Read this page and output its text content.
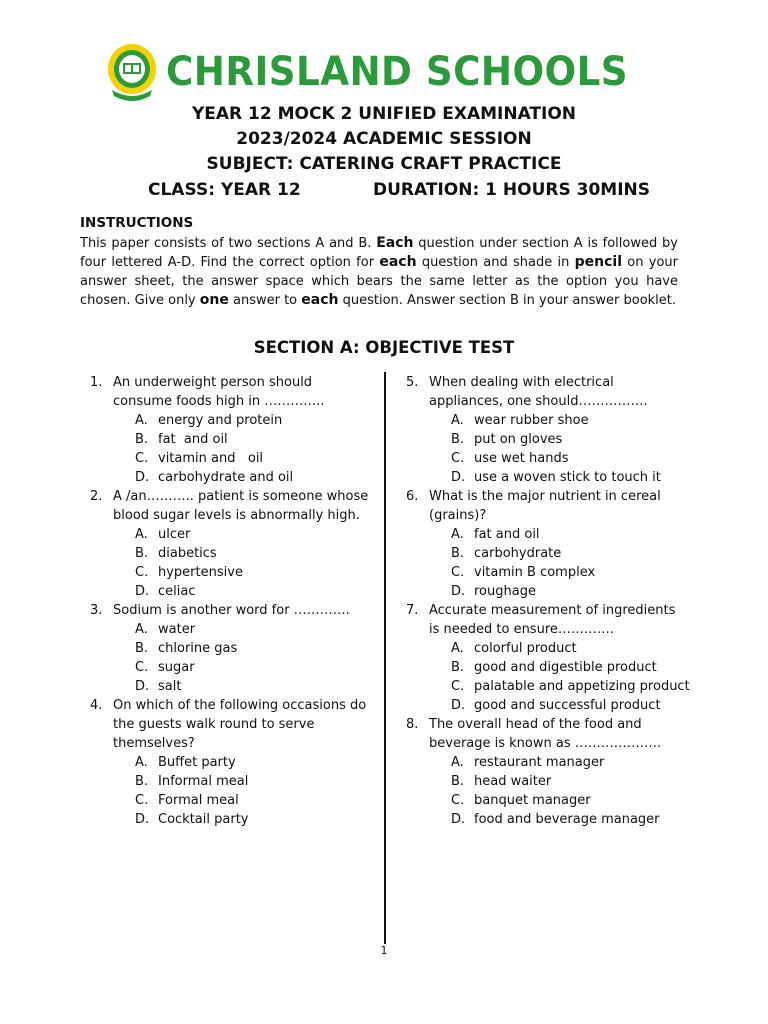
CHRISLAND SCHOOLS
YEAR 12 MOCK 2 UNIFIED EXAMINATION
2023/2024 ACADEMIC SESSION
SUBJECT: CATERING CRAFT PRACTICE
CLASS: YEAR 12	DURATION: 1 HOURS 30MINS
INSTRUCTIONS
This paper consists of two sections A and B. Each question under section A is followed by four lettered A-D. Find the correct option for each question and shade in pencil on your answer sheet, the answer space which bears the same letter as the option you have chosen. Give only one answer to each question. Answer section B in your answer booklet.
SECTION A: OBJECTIVE TEST
1. An underweight person should consume foods high in …………..
A. energy and protein
B. fat  and oil
C. vitamin and   oil
D. carbohydrate and oil
2. A /an……….. patient is someone whose blood sugar levels is abnormally high.
A. ulcer
B. diabetics
C. hypertensive
D. celiac
3. Sodium is another word for ………….
A. water
B. chlorine gas
C. sugar
D. salt
4. On which of the following occasions do the guests walk round to serve themselves?
A. Buffet party
B. Informal meal
C. Formal meal
D. Cocktail party
5. When dealing with electrical appliances, one should…………….
A. wear rubber shoe
B. put on gloves
C. use wet hands
D. use a woven stick to touch it
6. What is the major nutrient in cereal (grains)?
A. fat and oil
B. carbohydrate
C. vitamin B complex
D. roughage
7. Accurate measurement of ingredients is needed to ensure………….
A. colorful product
B. good and digestible product
C. palatable and appetizing product
D. good and successful product
8. The overall head of the food and beverage is known as ………………..
A. restaurant manager
B. head waiter
C. banquet manager
D. food and beverage manager
1
